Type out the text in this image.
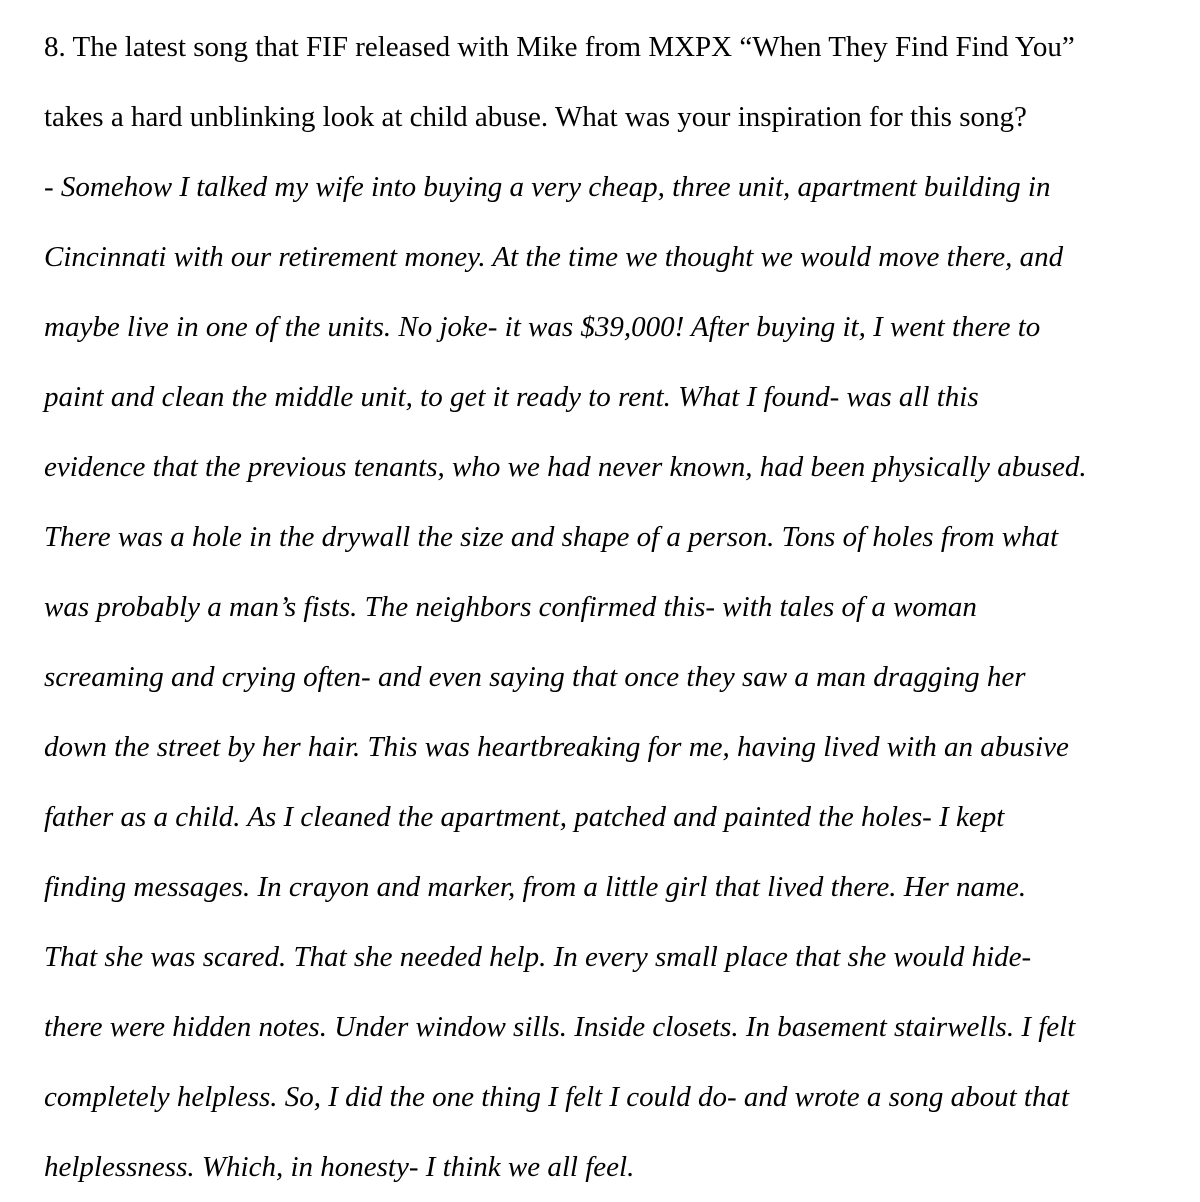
8. The latest song that FIF released with Mike from MXPX “When They Find Find You”
takes a hard unblinking look at child abuse. What was your inspiration for this song?
- Somehow I talked my wife into buying a very cheap, three unit, apartment building in
Cincinnati with our retirement money. At the time we thought we would move there, and
maybe live in one of the units. No joke- it was $39,000! After buying it, I went there to
paint and clean the middle unit, to get it ready to rent. What I found- was all this
evidence that the previous tenants, who we had never known, had been physically abused.
There was a hole in the drywall the size and shape of a person. Tons of holes from what
was probably a man’s fists. The neighbors confirmed this- with tales of a woman
screaming and crying often- and even saying that once they saw a man dragging her
down the street by her hair. This was heartbreaking for me, having lived with an abusive
father as a child. As I cleaned the apartment, patched and painted the holes- I kept
finding messages. In crayon and marker, from a little girl that lived there. Her name.
That she was scared. That she needed help. In every small place that she would hide-
there were hidden notes. Under window sills. Inside closets. In basement stairwells. I felt
completely helpless. So, I did the one thing I felt I could do- and wrote a song about that
helplessness. Which, in honesty- I think we all feel.
